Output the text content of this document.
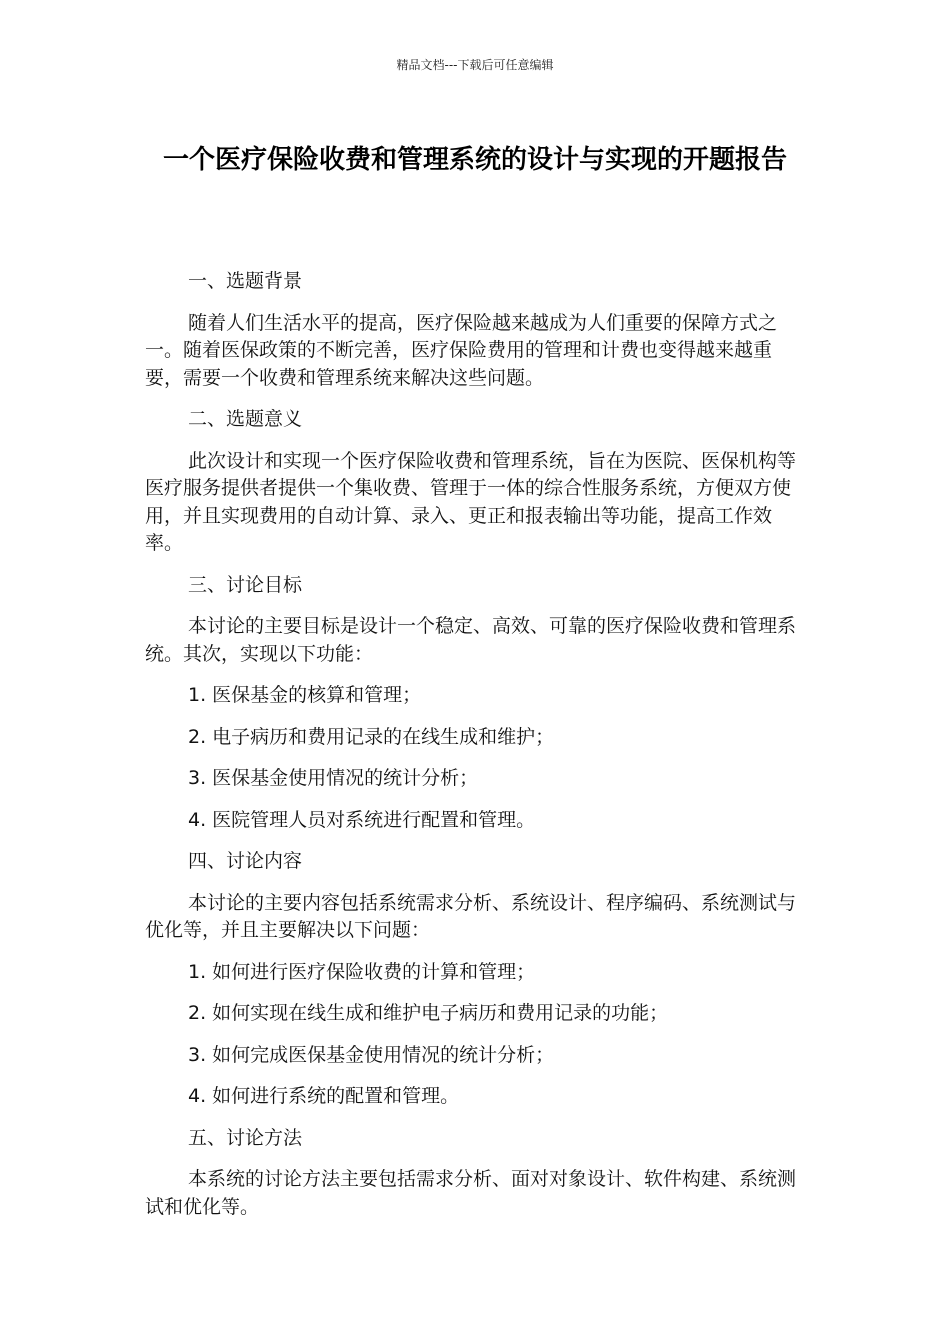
精品文档---下载后可任意编辑
一个医疗保险收费和管理系统的设计与实现的开题报告

一、选题背景

随着人们生活水平的提高，医疗保险越来越成为人们重要的保障方式之一。随着医保政策的不断完善，医疗保险费用的管理和计费也变得越来越重要，需要一个收费和管理系统来解决这些问题。

二、选题意义

此次设计和实现一个医疗保险收费和管理系统，旨在为医院、医保机构等医疗服务提供者提供一个集收费、管理于一体的综合性服务系统，方便双方使用，并且实现费用的自动计算、录入、更正和报表输出等功能，提高工作效率。

三、讨论目标

本讨论的主要目标是设计一个稳定、高效、可靠的医疗保险收费和管理系统。其次，实现以下功能：

1. 医保基金的核算和管理；

2. 电子病历和费用记录的在线生成和维护；

3. 医保基金使用情况的统计分析；

4. 医院管理人员对系统进行配置和管理。

四、讨论内容

本讨论的主要内容包括系统需求分析、系统设计、程序编码、系统测试与优化等，并且主要解决以下问题：

1. 如何进行医疗保险收费的计算和管理；

2. 如何实现在线生成和维护电子病历和费用记录的功能；

3. 如何完成医保基金使用情况的统计分析；

4. 如何进行系统的配置和管理。

五、讨论方法

本系统的讨论方法主要包括需求分析、面对对象设计、软件构建、系统测试和优化等。
